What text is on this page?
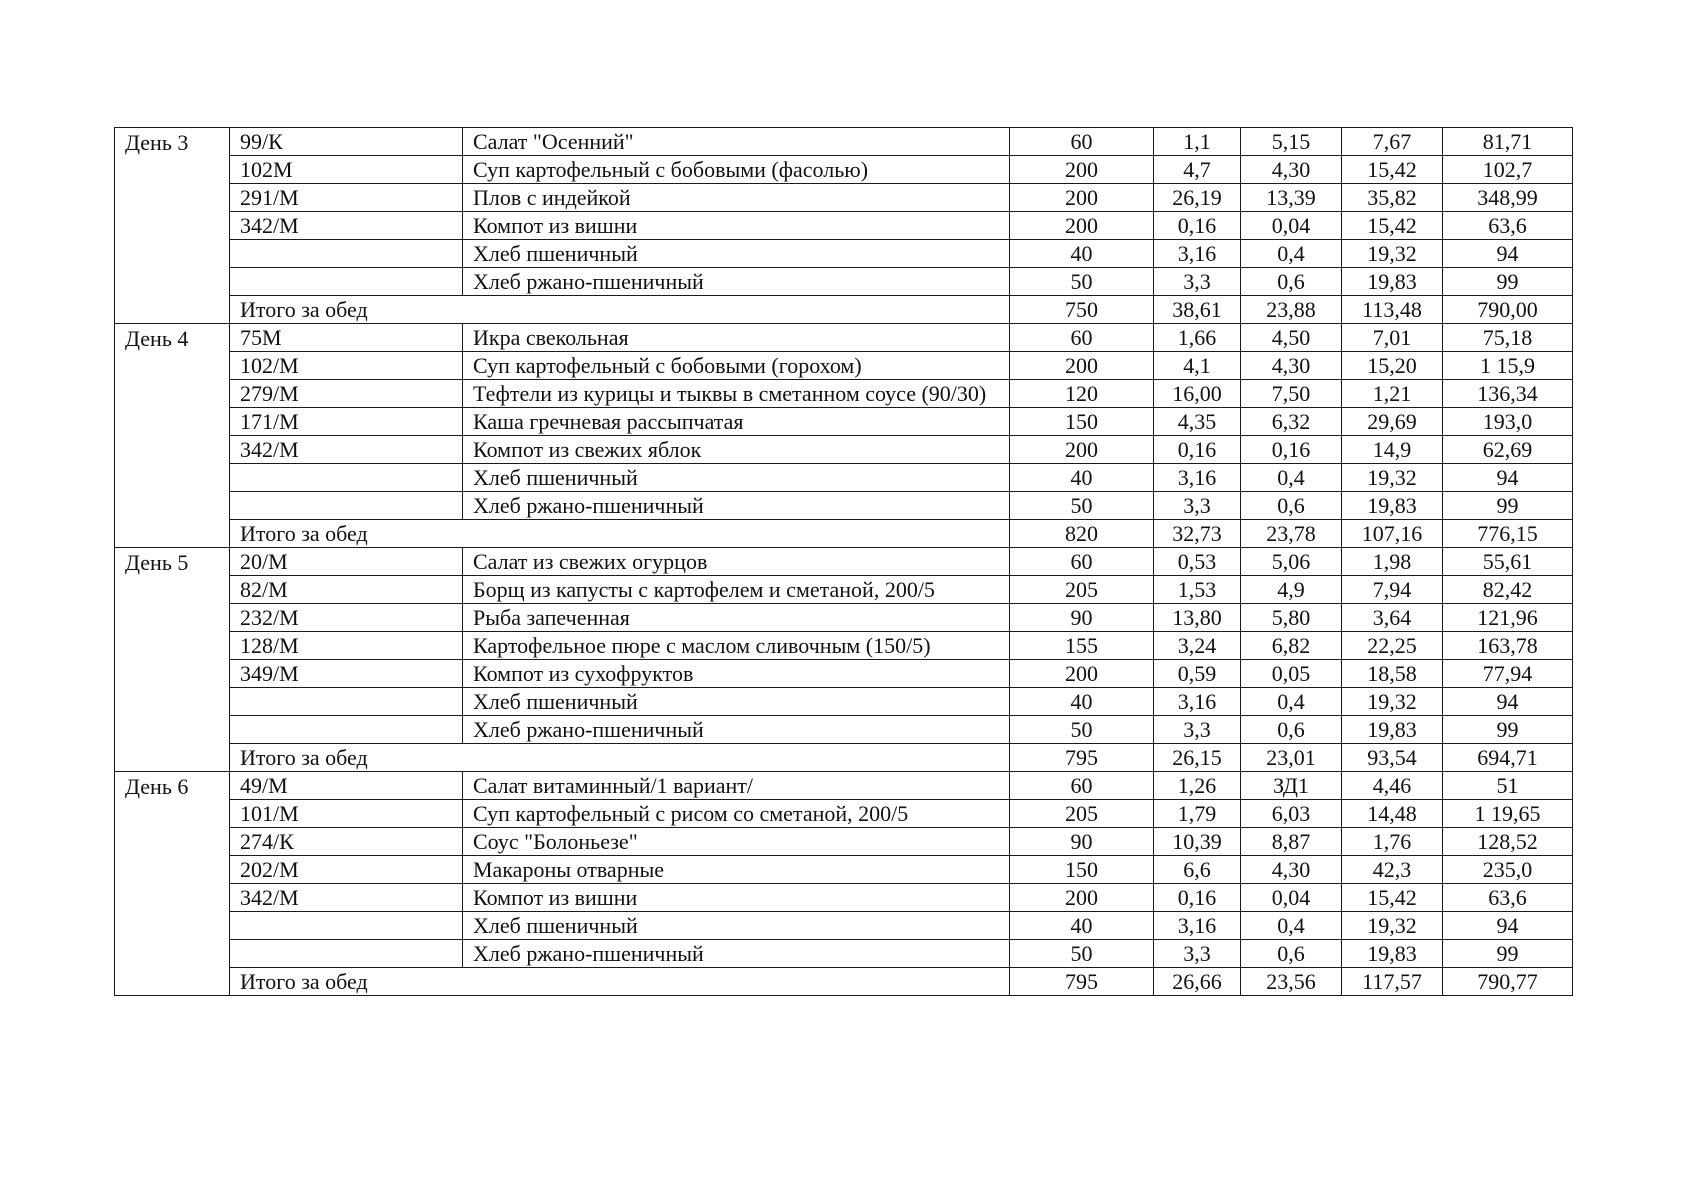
День 3	99/К	Салат "Осенний"	60	1,1	5,15	7,67	81,71
	102М	Суп картофельный с бобовыми (фасолью)	200	4,7	4,30	15,42	102,7
	291/М	Плов с индейкой	200	26,19	13,39	35,82	348,99
	342/М	Компот из вишни	200	0,16	0,04	15,42	63,6
		Хлеб пшеничный	40	3,16	0,4	19,32	94
		Хлеб ржано-пшеничный	50	3,3	0,6	19,83	99
	Итого за обед		750	38,61	23,88	113,48	790,00
День 4	75М	Икра свекольная	60	1,66	4,50	7,01	75,18
	102/М	Суп картофельный с бобовыми (горохом)	200	4,1	4,30	15,20	1 15,9
	279/М	Тефтели из курицы и тыквы в сметанном соусе (90/30)	120	16,00	7,50	1,21	136,34
	171/М	Каша гречневая рассыпчатая	150	4,35	6,32	29,69	193,0
	342/М	Компот из свежих яблок	200	0,16	0,16	14,9	62,69
		Хлеб пшеничный	40	3,16	0,4	19,32	94
		Хлеб ржано-пшеничный	50	3,3	0,6	19,83	99
	Итого за обед		820	32,73	23,78	107,16	776,15
День 5	20/М	Салат из свежих огурцов	60	0,53	5,06	1,98	55,61
	82/М	Борщ из капусты с картофелем и сметаной, 200/5	205	1,53	4,9	7,94	82,42
	232/М	Рыба запеченная	90	13,80	5,80	3,64	121,96
	128/М	Картофельное пюре с маслом сливочным (150/5)	155	3,24	6,82	22,25	163,78
	349/М	Компот из сухофруктов	200	0,59	0,05	18,58	77,94
		Хлеб пшеничный	40	3,16	0,4	19,32	94
		Хлеб ржано-пшеничный	50	3,3	0,6	19,83	99
	Итого за обед		795	26,15	23,01	93,54	694,71
День 6	49/М	Салат витаминный/1 вариант/	60	1,26	ЗД1	4,46	51
	101/М	Суп картофельный с рисом со сметаной, 200/5	205	1,79	6,03	14,48	1 19,65
	274/К	Соус "Болоньезе"	90	10,39	8,87	1,76	128,52
	202/М	Макароны отварные	150	6,6	4,30	42,3	235,0
	342/М	Компот из вишни	200	0,16	0,04	15,42	63,6
		Хлеб пшеничный	40	3,16	0,4	19,32	94
		Хлеб ржано-пшеничный	50	3,3	0,6	19,83	99
	Итого за обед		795	26,66	23,56	117,57	790,77
